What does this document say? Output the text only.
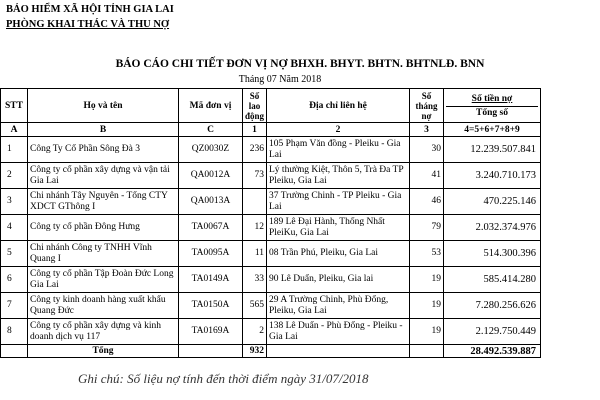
BẢO HIỂM XÃ HỘI TỈNH GIA LAI
PHÒNG KHAI THÁC VÀ THU NỢ
BÁO CÁO CHI TIẾT ĐƠN VỊ NỢ BHXH. BHYT. BHTN. BHTNLĐ. BNN
Tháng 07 Năm 2018
STT	Họ và tên	Mã đơn vị	Số lao động	Địa chỉ liên hệ	Số tháng nợ	Số tiền nợ
Tổng số

A	B	C	1	2	3	4=5+6+7+8+9
1	Công Ty Cổ Phần Sông Đà 3	QZ0030Z	236	105 Phạm Văn đồng - Pleiku - Gia Lai	30	12.239.507.841
2	Công ty cổ phần xây dựng và vận tải Gia Lai	QA0012A	73	Lý thường Kiệt, Thôn 5, Trà Đa TP Pleiku, Gia Lai	41	3.240.710.173
3	Chi nhánh Tây Nguyên - Tổng CTY XDCT GThông I	QA0013A		37 Trường Chinh - TP Pleiku - Gia Lai	46	470.225.146
4	Công ty cổ phần Đông Hưng	TA0067A	12	189 Lê Đại Hành, Thống Nhất PleiKu, Gia Lai	79	2.032.374.976
5	Chi nhánh Công ty TNHH Vĩnh Quang I	TA0095A	11	08 Trần Phú, Pleiku, Gia Lai	53	514.300.396
6	Công ty cổ phần Tập Đoàn Đức Long Gia Lai	TA0149A	33	90 Lê Duẩn, Pleiku, Gia lai	19	585.414.280
7	Công ty kinh doanh hàng xuất khẩu Quang Đức	TA0150A	565	29 A Trường Chinh, Phù Đổng, Pleiku, Gia Lai	19	7.280.256.626
8	Công ty cổ phần xây dựng và kinh doanh dịch vụ 117	TA0169A	2	138 Lê Duẩn - Phù Đổng - Pleiku - Gia Lai	19	2.129.750.449
	Tổng		932			28.492.539.887
Ghi chú: Số liệu nợ tính đến thời điểm ngày 31/07/2018
